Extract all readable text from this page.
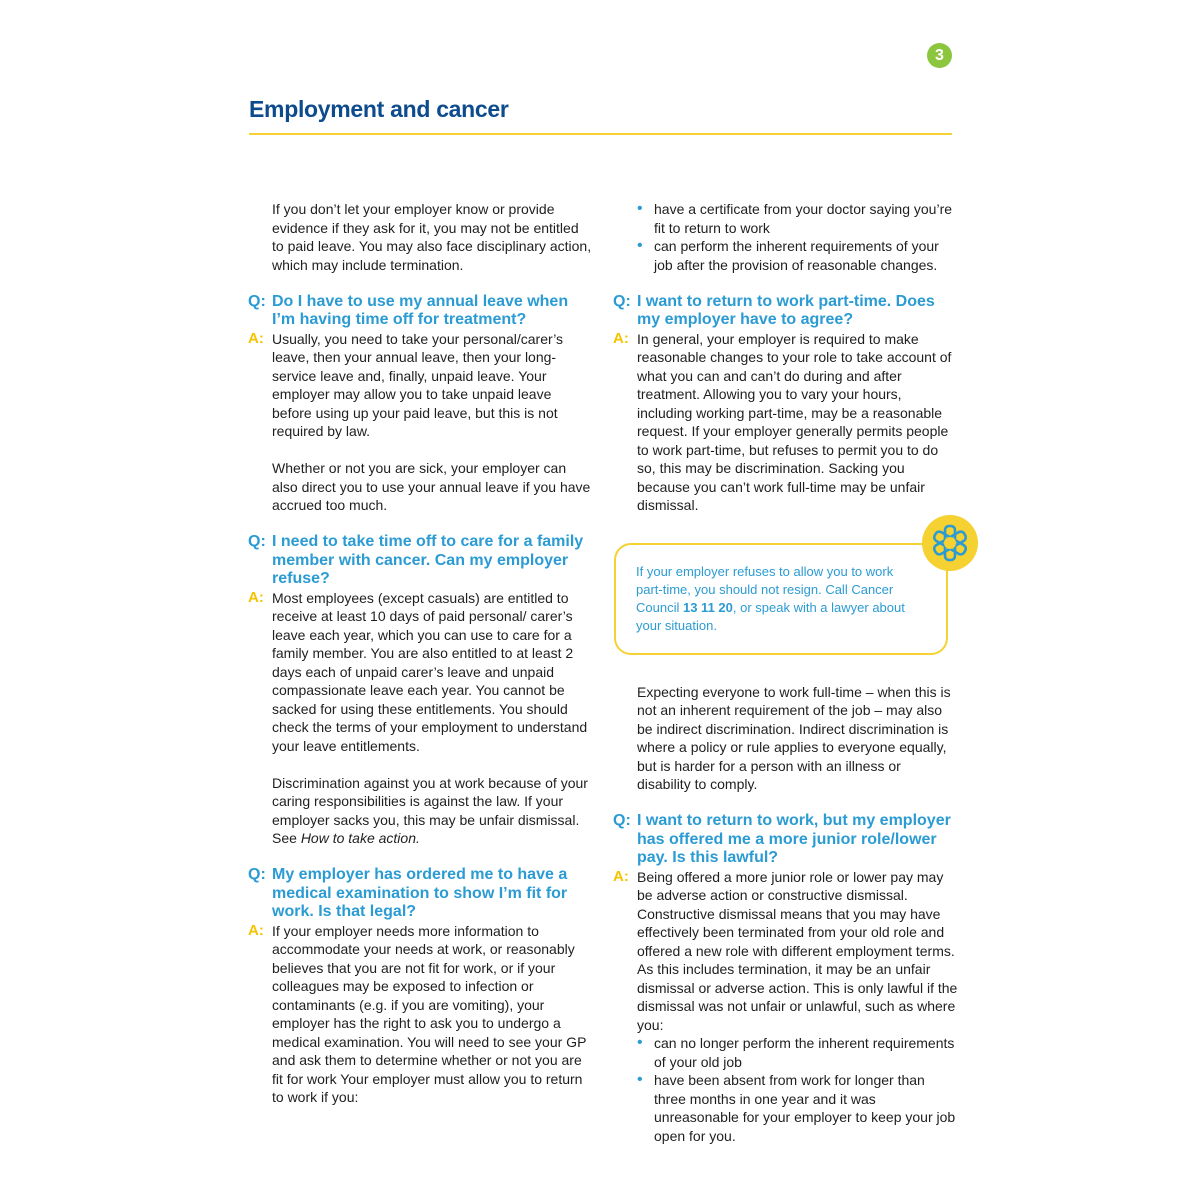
3
Employment and cancer

If you don’t let your employer know or provide evidence if they ask for it, you may not be entitled to paid leave. You may also face disciplinary action, which may include termination.

Q: Do I have to use my annual leave when I’m having time off for treatment?
A: Usually, you need to take your personal/carer’s leave, then your annual leave, then your long-service leave and, finally, unpaid leave. Your employer may allow you to take unpaid leave before using up your paid leave, but this is not required by law.

Whether or not you are sick, your employer can also direct you to use your annual leave if you have accrued too much.

Q: I need to take time off to care for a family member with cancer. Can my employer refuse?
A: Most employees (except casuals) are entitled to receive at least 10 days of paid personal/ carer’s leave each year, which you can use to care for a family member. You are also entitled to at least 2 days each of unpaid carer’s leave and unpaid compassionate leave each year. You cannot be sacked for using these entitlements. You should check the terms of your employment to understand your leave entitlements.

Discrimination against you at work because of your caring responsibilities is against the law. If your employer sacks you, this may be unfair dismissal. See How to take action.

Q: My employer has ordered me to have a medical examination to show I’m fit for work. Is that legal?
A: If your employer needs more information to accommodate your needs at work, or reasonably believes that you are not fit for work, or if your colleagues may be exposed to infection or contaminants (e.g. if you are vomiting), your employer has the right to ask you to undergo a medical examination. You will need to see your GP and ask them to determine whether or not you are fit for work Your employer must allow you to return to work if you:
• have a certificate from your doctor saying you’re fit to return to work
• can perform the inherent requirements of your job after the provision of reasonable changes.
Q: I want to return to work part-time. Does my employer have to agree?
A: In general, your employer is required to make reasonable changes to your role to take account of what you can and can’t do during and after treatment. Allowing you to vary your hours, including working part-time, may be a reasonable request. If your employer generally permits people to work part-time, but refuses to permit you to do so, this may be discrimination. Sacking you because you can’t work full-time may be unfair dismissal.
If your employer refuses to allow you to work part-time, you should not resign. Call Cancer Council 13 11 20, or speak with a lawyer about your situation.

Expecting everyone to work full-time – when this is not an inherent requirement of the job – may also be indirect discrimination. Indirect discrimination is where a policy or rule applies to everyone equally, but is harder for a person with an illness or disability to comply.

Q: I want to return to work, but my employer has offered me a more junior role/lower pay. Is this lawful?
A: Being offered a more junior role or lower pay may be adverse action or constructive dismissal. Constructive dismissal means that you may have effectively been terminated from your old role and offered a new role with different employment terms. As this includes termination, it may be an unfair dismissal or adverse action. This is only lawful if the dismissal was not unfair or unlawful, such as where you:
• can no longer perform the inherent requirements of your old job
• have been absent from work for longer than three months in one year and it was unreasonable for your employer to keep your job open for you.
